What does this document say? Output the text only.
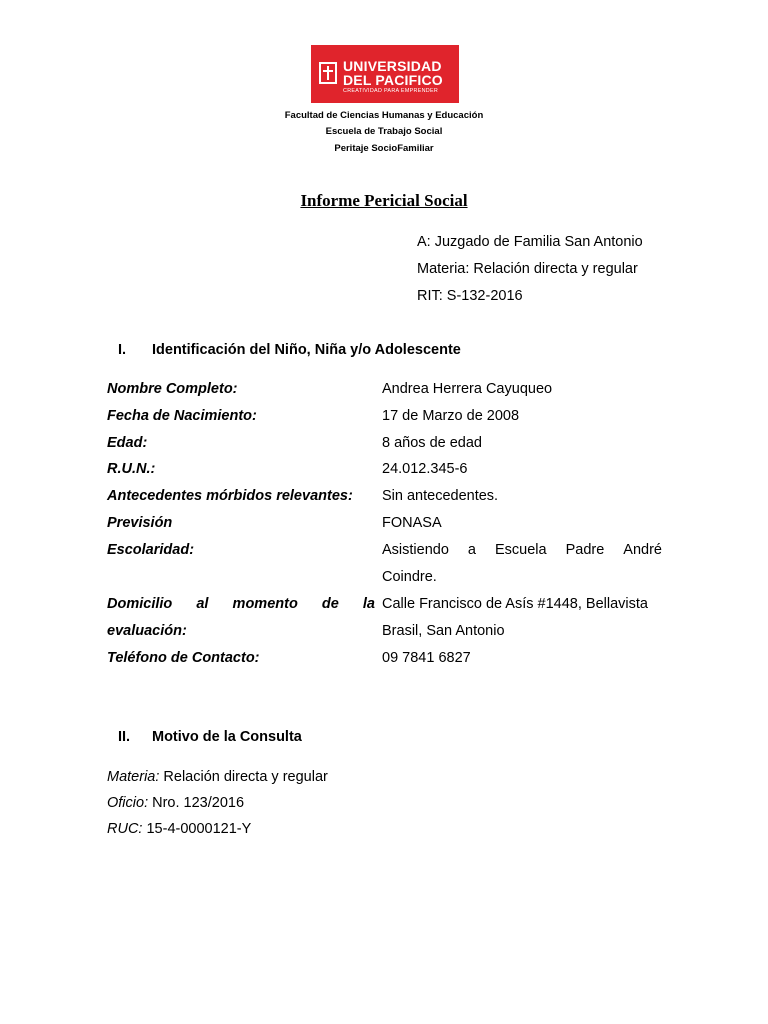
UNIVERSIDAD
DEL PACIFICO
CREATIVIDAD PARA EMPRENDER
Facultad de Ciencias Humanas y Educación
Escuela de Trabajo Social
Peritaje SocioFamiliar
Informe Pericial Social
A: Juzgado de Familia San Antonio
Materia: Relación directa y regular
RIT: S-132-2016
I. Identificación del Niño, Niña y/o Adolescente
Nombre Completo:	Andrea Herrera Cayuqueo
Fecha de Nacimiento:	17 de Marzo de 2008
Edad:	8 años de edad
R.U.N.:	24.012.345-6
Antecedentes mórbidos relevantes: Sin antecedentes.
Previsión	FONASA
Escolaridad:	Asistiendo a Escuela Padre André
Coindre.
Domicilio al momento de la
evaluación:
Calle Francisco de Asís #1448, Bellavista
Brasil, San Antonio
Teléfono de Contacto:	09 7841 6827
II. Motivo de la Consulta
Materia: Relación directa y regular
Oficio: Nro. 123/2016
RUC: 15-4-0000121-Y
